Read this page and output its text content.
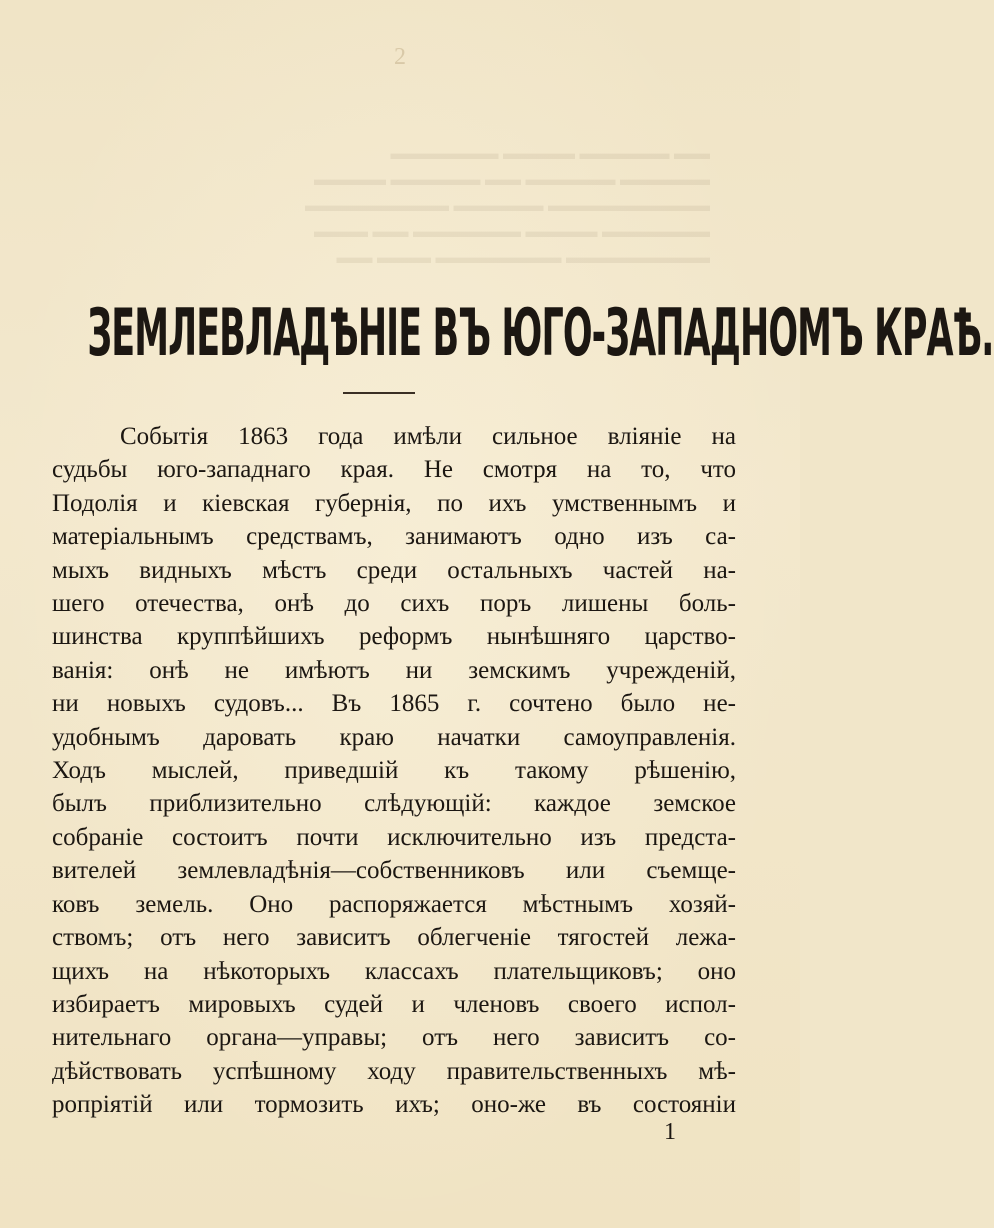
2
▬▬ ▬▬▬▬▬ ▬▬▬▬ ▬▬▬▬▬▬
▬▬▬▬▬ ▬▬▬▬▬ ▬▬ ▬▬▬▬▬ ▬▬▬▬
▬▬▬▬▬▬▬▬▬ ▬▬▬▬▬ ▬▬▬▬▬▬▬▬
▬▬▬▬▬▬ ▬▬▬▬ ▬▬▬▬▬▬ ▬▬ ▬▬▬
▬▬▬▬▬▬▬▬ ▬▬▬▬▬▬▬ ▬▬▬ ▬▬
ЗЕМЛЕВЛАДѢНІЕ ВЪ ЮГО-ЗАПАДНОМЪ КРАѢ.
Событія 1863 года имѣли сильное вліяніе на
судьбы юго-западнаго края. Не смотря на то, что
Подолія и кіевская губернія, по ихъ умственнымъ и
матеріальнымъ средствамъ, занимаютъ одно изъ са-
мыхъ видныхъ мѣстъ среди остальныхъ частей на-
шего отечества, онѣ до сихъ поръ лишены боль-
шинства круппѣйшихъ реформъ нынѣшняго царство-
ванія: онѣ не имѣютъ ни земскимъ учрежденій,
ни новыхъ судовъ... Въ 1865 г. сочтено было не-
удобнымъ даровать краю начатки самоуправленія.
Ходъ мыслей, приведшій къ такому рѣшенію,
былъ приблизительно слѣдующій: каждое земское
собраніе состоитъ почти исключительно изъ предста-
вителей землевладѣнія—собственниковъ или съемще-
ковъ земель. Оно распоряжается мѣстнымъ хозяй-
ствомъ; отъ него зависитъ облегченіе тягостей лежа-
щихъ на нѣкоторыхъ классахъ плательщиковъ; оно
избираетъ мировыхъ судей и членовъ своего испол-
нительнаго органа—управы; отъ него зависитъ со-
дѣйствовать успѣшному ходу правительственныхъ мѣ-
ропріятій или тормозить ихъ; оно-же въ состояніи
1
